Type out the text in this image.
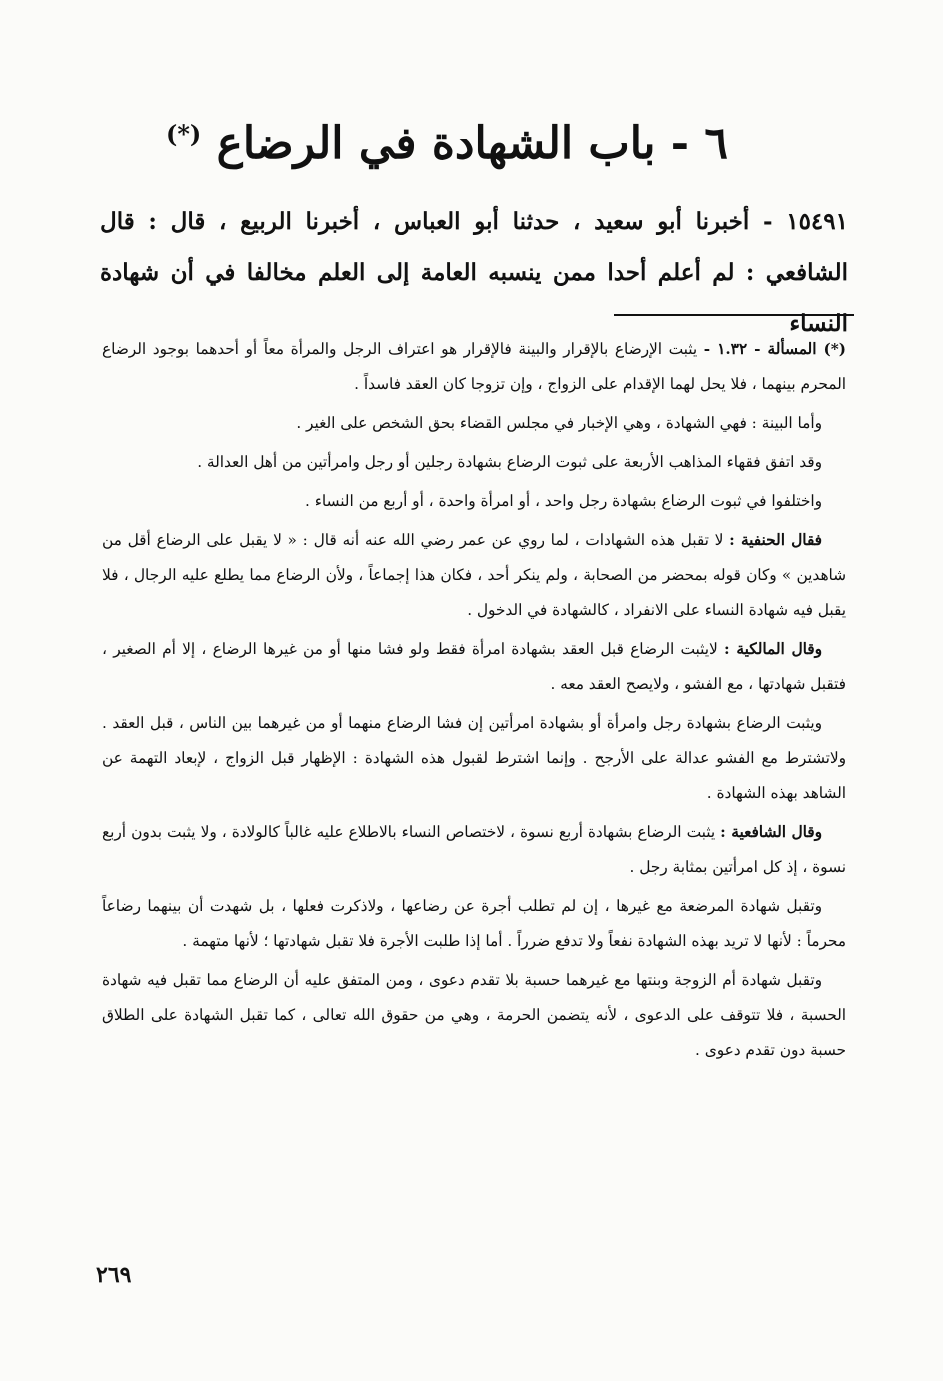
٦ - باب الشهادة في الرضاع (*)

١٥٤٩١ - أخبرنا أبو سعيد ، حدثنا أبو العباس ، أخبرنا الربيع ، قال : قال

الشافعي : لم أعلم أحدا ممن ينسبه العامة إلى العلم مخالفا في أن شهادة النساء

(*) المسألة - ١.٣٢ - يثبت الإرضاع بالإقرار والبينة فالإقرار هو اعتراف الرجل والمرأة معاً أو أحدهما بوجود الرضاع المحرم بينهما ، فلا يحل لهما الإقدام على الزواج ، وإن تزوجا كان العقد فاسداً .

وأما البينة : فهي الشهادة ، وهي الإخبار في مجلس القضاء بحق الشخص على الغير .

وقد اتفق فقهاء المذاهب الأربعة على ثبوت الرضاع بشهادة رجلين أو رجل وامرأتين من أهل العدالة .

واختلفوا في ثبوت الرضاع بشهادة رجل واحد ، أو امرأة واحدة ، أو أربع من النساء .

فقال الحنفية : لا تقبل هذه الشهادات ، لما روي عن عمر رضي الله عنه أنه قال : « لا يقبل على الرضاع أقل من شاهدين » وكان قوله بمحضر من الصحابة ، ولم ينكر أحد ، فكان هذا إجماعاً ، ولأن الرضاع مما يطلع عليه الرجال ، فلا يقبل فيه شهادة النساء على الانفراد ، كالشهادة في الدخول .

وقال المالكية : لايثبت الرضاع قبل العقد بشهادة امرأة فقط ولو فشا منها أو من غيرها الرضاع ، إلا أم الصغير ، فتقبل شهادتها ، مع الفشو ، ولايصح العقد معه .

ويثبت الرضاع بشهادة رجل وامرأة أو بشهادة امرأتين إن فشا الرضاع منهما أو من غيرهما بين الناس ، قبل العقد . ولاتشترط مع الفشو عدالة على الأرجح . وإنما اشترط لقبول هذه الشهادة : الإظهار قبل الزواج ، لإبعاد التهمة عن الشاهد بهذه الشهادة .

وقال الشافعية : يثبت الرضاع بشهادة أربع نسوة ، لاختصاص النساء بالاطلاع عليه غالباً كالولادة ، ولا يثبت بدون أربع نسوة ، إذ كل امرأتين بمثابة رجل .

وتقبل شهادة المرضعة مع غيرها ، إن لم تطلب أجرة عن رضاعها ، ولاذكرت فعلها ، بل شهدت أن بينهما رضاعاً محرماً : لأنها لا تريد بهذه الشهادة نفعاً ولا تدفع ضرراً . أما إذا طلبت الأجرة فلا تقبل شهادتها ؛ لأنها متهمة .

وتقبل شهادة أم الزوجة وبنتها مع غيرهما حسبة بلا تقدم دعوى ، ومن المتفق عليه أن الرضاع مما تقبل فيه شهادة الحسبة ، فلا تتوقف على الدعوى ، لأنه يتضمن الحرمة ، وهي من حقوق الله تعالى ، كما تقبل الشهادة على الطلاق حسبة دون تقدم دعوى .

٢٦٩
